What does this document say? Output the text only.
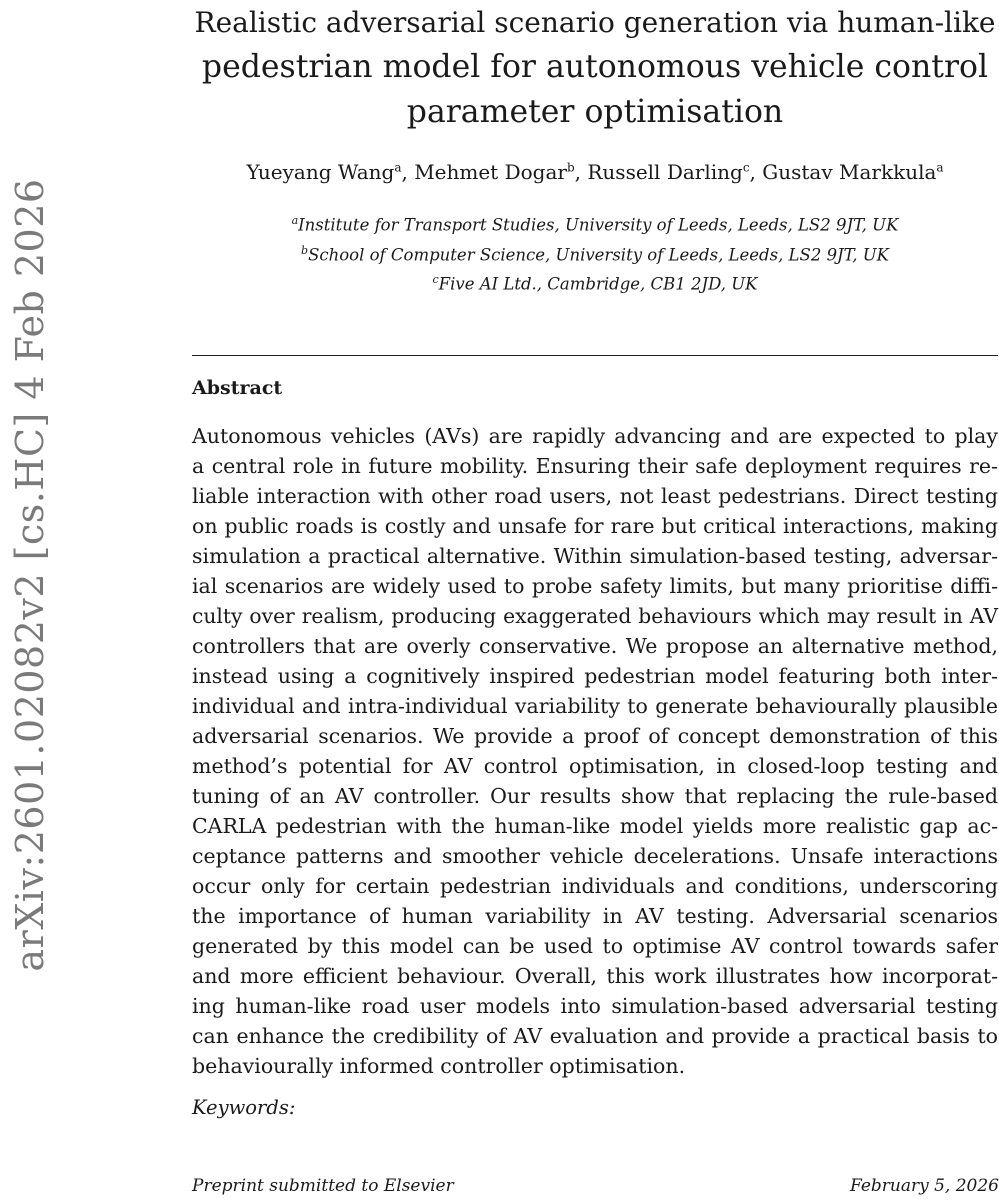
arXiv:2601.02082v2 [cs.HC] 4 Feb 2026
Realistic adversarial scenario generation via human-like
pedestrian model for autonomous vehicle control
parameter optimisation
Yueyang Wang$^a$, Mehmet Dogar$^b$, Russell Darling$^c$, Gustav Markkula$^a$
$^a$Institute for Transport Studies, University of Leeds, Leeds, LS2 9JT, UK
$^b$School of Computer Science, University of Leeds, Leeds, LS2 9JT, UK
$^c$Five AI Ltd., Cambridge, CB1 2JD, UK
Abstract
Autonomous vehicles (AVs) are rapidly advancing and are expected to play
a central role in future mobility. Ensuring their safe deployment requires re-
liable interaction with other road users, not least pedestrians. Direct testing
on public roads is costly and unsafe for rare but critical interactions, making
simulation a practical alternative. Within simulation-based testing, adversar-
ial scenarios are widely used to probe safety limits, but many prioritise diffi-
culty over realism, producing exaggerated behaviours which may result in AV
controllers that are overly conservative. We propose an alternative method,
instead using a cognitively inspired pedestrian model featuring both inter-
individual and intra-individual variability to generate behaviourally plausible
adversarial scenarios. We provide a proof of concept demonstration of this
method’s potential for AV control optimisation, in closed-loop testing and
tuning of an AV controller. Our results show that replacing the rule-based
CARLA pedestrian with the human-like model yields more realistic gap ac-
ceptance patterns and smoother vehicle decelerations. Unsafe interactions
occur only for certain pedestrian individuals and conditions, underscoring
the importance of human variability in AV testing. Adversarial scenarios
generated by this model can be used to optimise AV control towards safer
and more efficient behaviour. Overall, this work illustrates how incorporat-
ing human-like road user models into simulation-based adversarial testing
can enhance the credibility of AV evaluation and provide a practical basis to
behaviourally informed controller optimisation.
Keywords:
Preprint submitted to Elsevier	February 5, 2026
